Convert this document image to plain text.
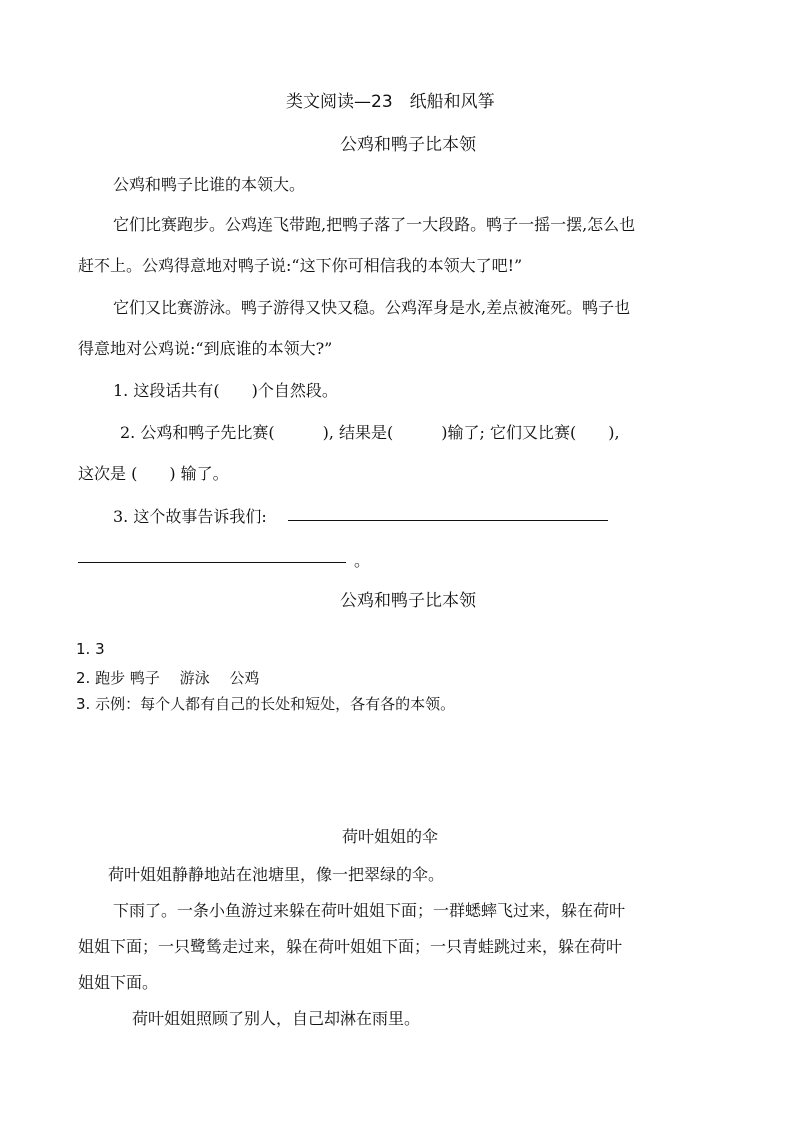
类文阅读—23　纸船和风筝
公鸡和鸭子比本领
公鸡和鸭子比谁的本领大。
它们比赛跑步。公鸡连飞带跑,把鸭子落了一大段路。鸭子一摇一摆,怎么也
赶不上。公鸡得意地对鸭子说:“这下你可相信我的本领大了吧!”
它们又比赛游泳。鸭子游得又快又稳。公鸡浑身是水,差点被淹死。鸭子也
得意地对公鸡说:“到底谁的本领大?”
1. 这段话共有(　　)个自然段。
2. 公鸡和鸭子先比赛(　　　), 结果是(　　　)输了; 它们又比赛(　　),
这次是 (　　) 输了。
3. 这个故事告诉我们:
。
公鸡和鸭子比本领
1. 3
2. 跑步 鸭子　 游泳　 公鸡
3. 示例：每个人都有自己的长处和短处，各有各的本领。
荷叶姐姐的伞
荷叶姐姐静静地站在池塘里，像一把翠绿的伞。
下雨了。一条小鱼游过来躲在荷叶姐姐下面；一群蟋蟀飞过来，躲在荷叶
姐姐下面；一只鹭鸶走过来，躲在荷叶姐姐下面；一只青蛙跳过来，躲在荷叶
姐姐下面。
荷叶姐姐照顾了别人，自己却淋在雨里。
